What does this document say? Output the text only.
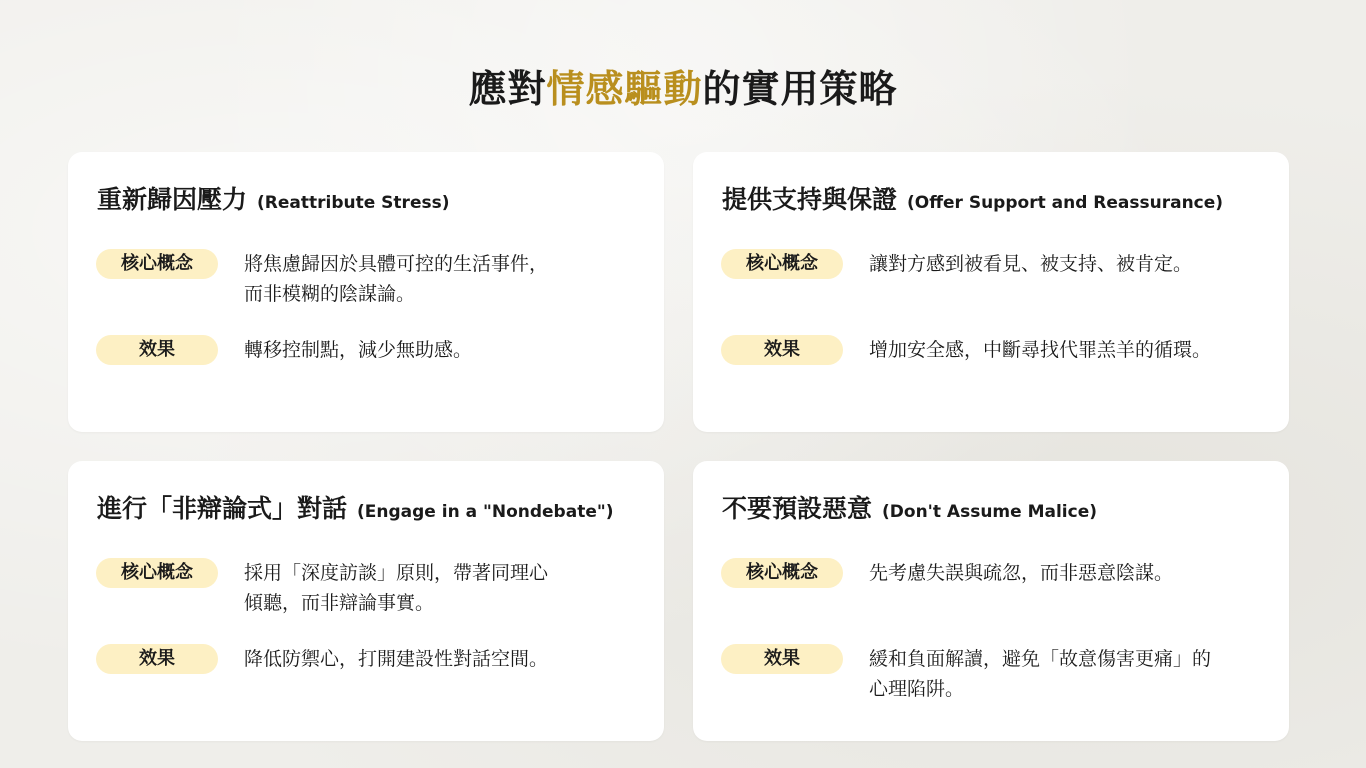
應對情感驅動的實用策略
重新歸因壓力 (Reattribute Stress)
核心概念	將焦慮歸因於具體可控的生活事件，
而非模糊的陰謀論。
效果	轉移控制點，減少無助感。
提供支持與保證 (Offer Support and Reassurance)
核心概念	讓對方感到被看見、被支持、被肯定。
效果	增加安全感，中斷尋找代罪羔羊的循環。
進行「非辯論式」對話 (Engage in a "Nondebate")
核心概念	採用「深度訪談」原則，帶著同理心
傾聽，而非辯論事實。
效果	降低防禦心，打開建設性對話空間。
不要預設惡意 (Don't Assume Malice)
核心概念	先考慮失誤與疏忽，而非惡意陰謀。
效果	緩和負面解讀，避免「故意傷害更痛」的
心理陷阱。
